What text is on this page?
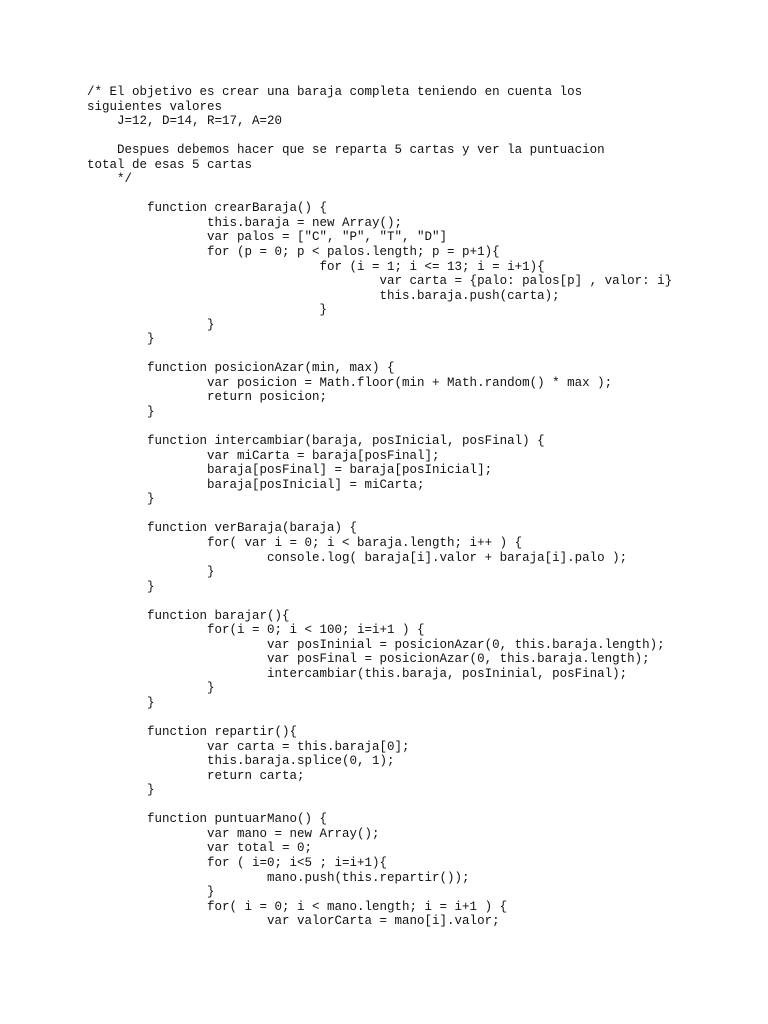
/* El objetivo es crear una baraja completa teniendo en cuenta los
siguientes valores
J=12, D=14, R=17, A=20
Despues debemos hacer que se reparta 5 cartas y ver la puntuacion
total de esas 5 cartas
*/
function crearBaraja() {
this.baraja = new Array();
var palos = ["C", "P", "T", "D"]
for (p = 0; p < palos.length; p = p+1){
for (i = 1; i <= 13; i = i+1){
var carta = {palo: palos[p] , valor: i}
this.baraja.push(carta);
}
}
}
function posicionAzar(min, max) {
var posicion = Math.floor(min + Math.random() * max );
return posicion;
}
function intercambiar(baraja, posInicial, posFinal) {
var miCarta = baraja[posFinal];
baraja[posFinal] = baraja[posInicial];
baraja[posInicial] = miCarta;
}
function verBaraja(baraja) {
for( var i = 0; i < baraja.length; i++ ) {
console.log( baraja[i].valor + baraja[i].palo );
}
}
function barajar(){
for(i = 0; i < 100; i=i+1 ) {
var posIninial = posicionAzar(0, this.baraja.length);
var posFinal = posicionAzar(0, this.baraja.length);
intercambiar(this.baraja, posIninial, posFinal);
}
}
function repartir(){
var carta = this.baraja[0];
this.baraja.splice(0, 1);
return carta;
}
function puntuarMano() {
var mano = new Array();
var total = 0;
for ( i=0; i<5 ; i=i+1){
mano.push(this.repartir());
}
for( i = 0; i < mano.length; i = i+1 ) {
var valorCarta = mano[i].valor;
